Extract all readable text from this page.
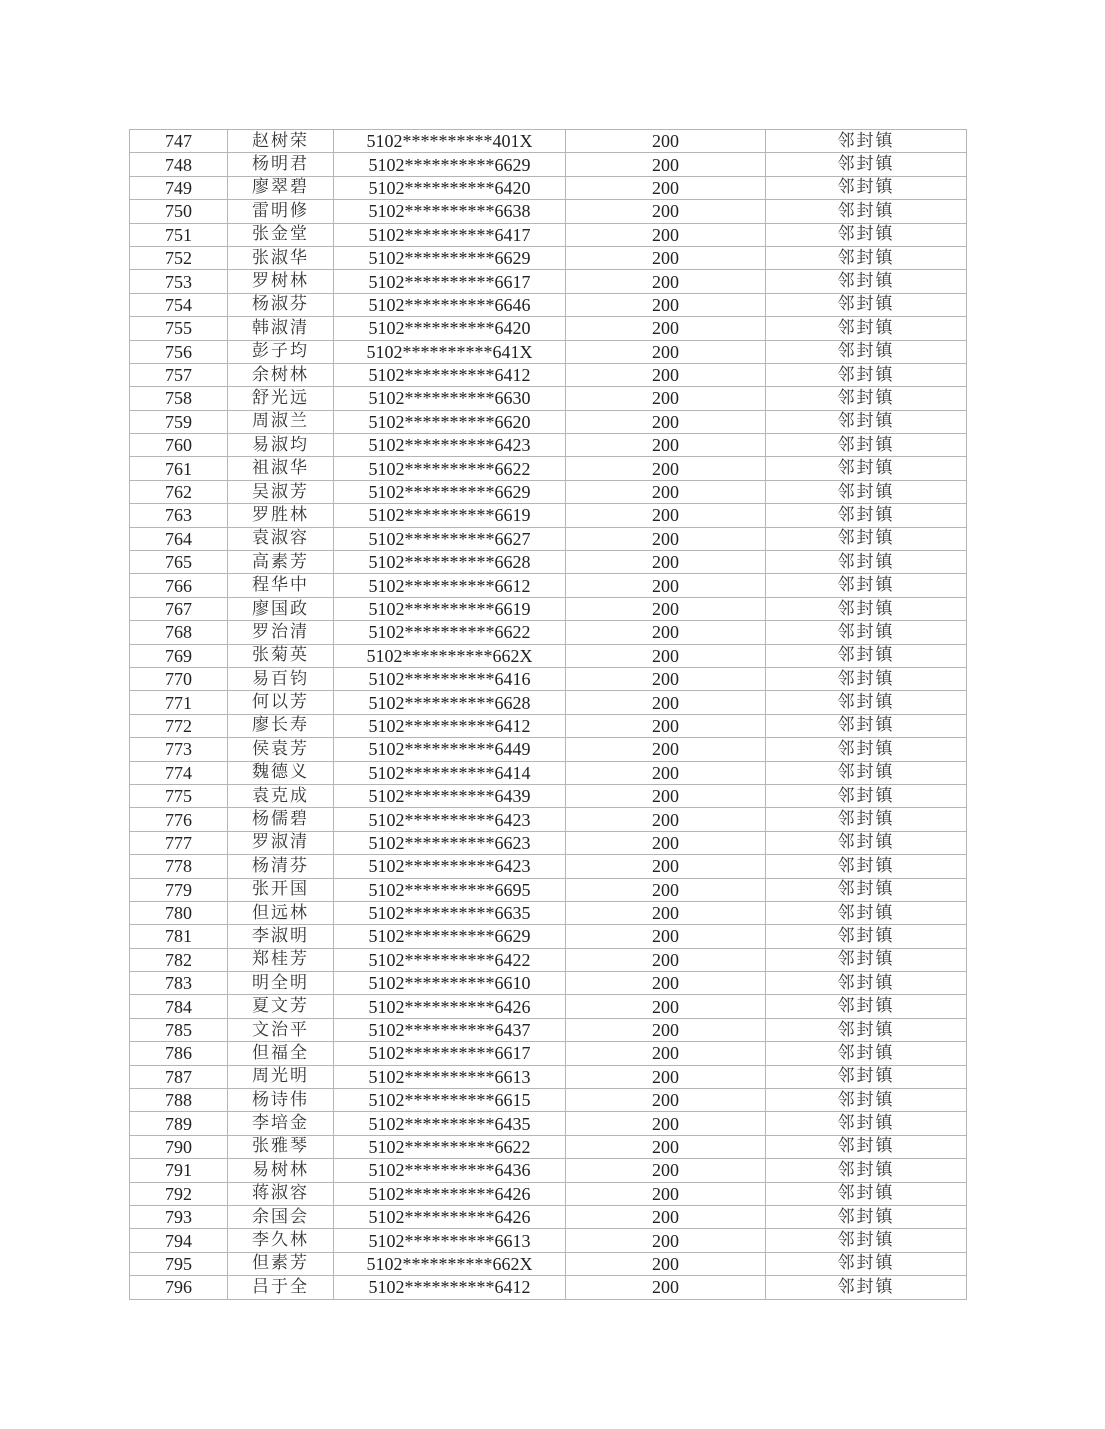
747	赵树荣	5102**********401X	200	邻封镇
748	杨明君	5102**********6629	200	邻封镇
749	廖翠碧	5102**********6420	200	邻封镇
750	雷明修	5102**********6638	200	邻封镇
751	张金堂	5102**********6417	200	邻封镇
752	张淑华	5102**********6629	200	邻封镇
753	罗树林	5102**********6617	200	邻封镇
754	杨淑芬	5102**********6646	200	邻封镇
755	韩淑清	5102**********6420	200	邻封镇
756	彭子均	5102**********641X	200	邻封镇
757	余树林	5102**********6412	200	邻封镇
758	舒光远	5102**********6630	200	邻封镇
759	周淑兰	5102**********6620	200	邻封镇
760	易淑均	5102**********6423	200	邻封镇
761	祖淑华	5102**********6622	200	邻封镇
762	吴淑芳	5102**********6629	200	邻封镇
763	罗胜林	5102**********6619	200	邻封镇
764	袁淑容	5102**********6627	200	邻封镇
765	高素芳	5102**********6628	200	邻封镇
766	程华中	5102**********6612	200	邻封镇
767	廖国政	5102**********6619	200	邻封镇
768	罗治清	5102**********6622	200	邻封镇
769	张菊英	5102**********662X	200	邻封镇
770	易百钧	5102**********6416	200	邻封镇
771	何以芳	5102**********6628	200	邻封镇
772	廖长寿	5102**********6412	200	邻封镇
773	侯袁芳	5102**********6449	200	邻封镇
774	魏德义	5102**********6414	200	邻封镇
775	袁克成	5102**********6439	200	邻封镇
776	杨儒碧	5102**********6423	200	邻封镇
777	罗淑清	5102**********6623	200	邻封镇
778	杨清芬	5102**********6423	200	邻封镇
779	张开国	5102**********6695	200	邻封镇
780	但远林	5102**********6635	200	邻封镇
781	李淑明	5102**********6629	200	邻封镇
782	郑桂芳	5102**********6422	200	邻封镇
783	明全明	5102**********6610	200	邻封镇
784	夏文芳	5102**********6426	200	邻封镇
785	文治平	5102**********6437	200	邻封镇
786	但福全	5102**********6617	200	邻封镇
787	周光明	5102**********6613	200	邻封镇
788	杨诗伟	5102**********6615	200	邻封镇
789	李培金	5102**********6435	200	邻封镇
790	张雅琴	5102**********6622	200	邻封镇
791	易树林	5102**********6436	200	邻封镇
792	蒋淑容	5102**********6426	200	邻封镇
793	余国会	5102**********6426	200	邻封镇
794	李久林	5102**********6613	200	邻封镇
795	但素芳	5102**********662X	200	邻封镇
796	吕于全	5102**********6412	200	邻封镇
